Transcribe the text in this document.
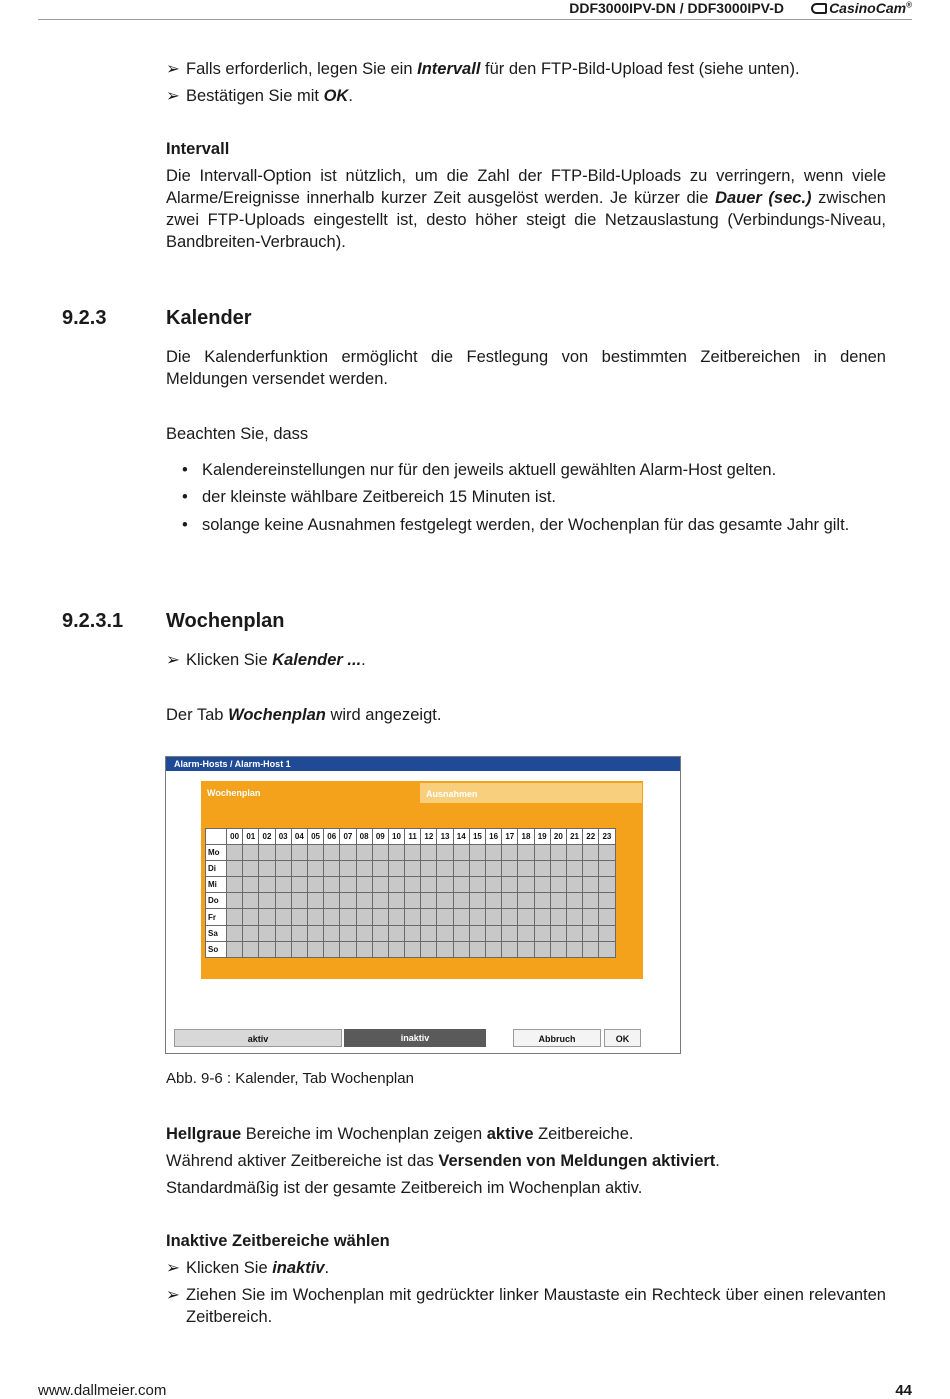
DDF3000IPV-DN / DDF3000IPV-D	CasinoCam®
➢ Falls erforderlich, legen Sie ein Intervall für den FTP-Bild-Upload fest (siehe unten).
➢ Bestätigen Sie mit OK.
Intervall
Die Intervall-Option ist nützlich, um die Zahl der FTP-Bild-Uploads zu verringern, wenn viele Alarme/Ereignisse innerhalb kurzer Zeit ausgelöst werden. Je kürzer die Dauer (sec.) zwischen zwei FTP-Uploads eingestellt ist, desto höher steigt die Netzauslastung (Verbindungs-Niveau, Bandbreiten-Verbrauch).
9.2.3	Kalender
Die Kalenderfunktion ermöglicht die Festlegung von bestimmten Zeitbereichen in denen Meldungen versendet werden.
Beachten Sie, dass
• Kalendereinstellungen nur für den jeweils aktuell gewählten Alarm-Host gelten.
• der kleinste wählbare Zeitbereich 15 Minuten ist.
• solange keine Ausnahmen festgelegt werden, der Wochenplan für das gesamte Jahr gilt.
9.2.3.1 Wochenplan
➢ Klicken Sie Kalender ....
Der Tab Wochenplan wird angezeigt.
Alarm-Hosts / Alarm-Host 1
Wochenplan	Ausnahmen
	00	01	02	03	04	05	06	07	08	09	10	11	12	13	14	15	16	17	18	19	20	21	22	23
Mo																								
Di																								
Mi																								
Do																								
Fr																								
Sa																								
So																								
aktiv	inaktiv	Abbruch	OK
Abb. 9-6 : Kalender, Tab Wochenplan
Hellgraue Bereiche im Wochenplan zeigen aktive Zeitbereiche.
Während aktiver Zeitbereiche ist das Versenden von Meldungen aktiviert.
Standardmäßig ist der gesamte Zeitbereich im Wochenplan aktiv.
Inaktive Zeitbereiche wählen
➢ Klicken Sie inaktiv.
➢ Ziehen Sie im Wochenplan mit gedrückter linker Maustaste ein Rechteck über einen relevanten Zeitbereich.
www.dallmeier.com	44
